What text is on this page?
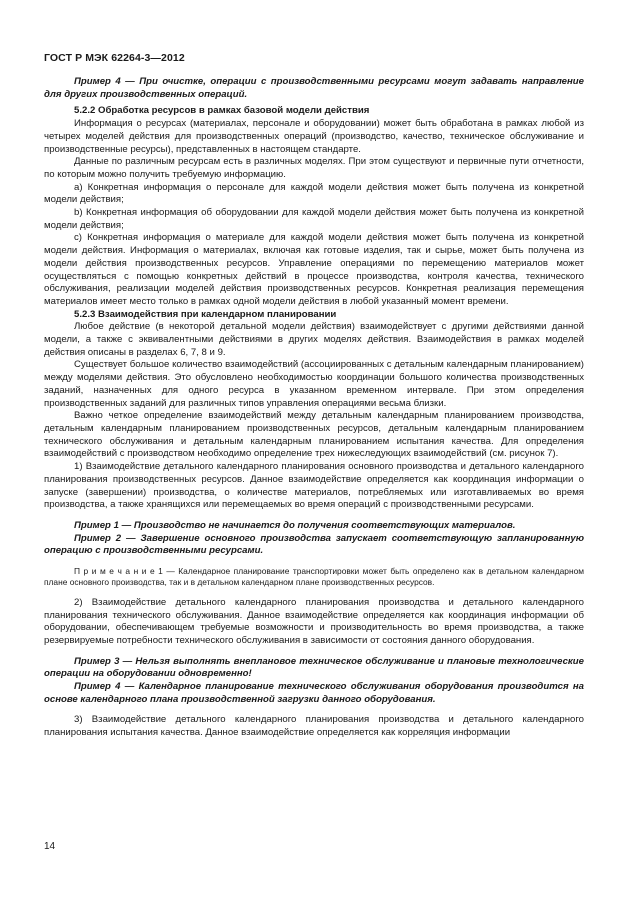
ГОСТ Р МЭК 62264-3—2012

Пример 4 — При очистке, операции с производственными ресурсами могут задавать направление для других производственных операций.

5.2.2 Обработка ресурсов в рамках базовой модели действия

Информация о ресурсах (материалах, персонале и оборудовании) может быть обработана в рамках любой из четырех моделей действия для производственных операций (производство, качество, техническое обслуживание и производственные ресурсы), представленных в настоящем стандарте.

Данные по различным ресурсам есть в различных моделях. При этом существуют и первичные пути отчетности, по которым можно получить требуемую информацию.

a) Конкретная информация о персонале для каждой модели действия может быть получена из конкретной модели действия;

b) Конкретная информация об оборудовании для каждой модели действия может быть получена из конкретной модели действия;

c) Конкретная информация о материале для каждой модели действия может быть получена из конкретной модели действия. Информация о материалах, включая как готовые изделия, так и сырье, может быть получена из модели действия производственных ресурсов. Управление операциями по перемещению материалов может осуществляться с помощью конкретных действий в процессе производства, контроля качества, технического обслуживания, реализации моделей действия производственных ресурсов. Конкретная реализация перемещения материалов имеет место только в рамках одной модели действия в любой указанный момент времени.

5.2.3 Взаимодействия при календарном планировании

Любое действие (в некоторой детальной модели действия) взаимодействует с другими действиями данной модели, а также с эквивалентными действиями в других моделях действия. Взаимодействия в рамках моделей действия описаны в разделах 6, 7, 8 и 9.

Существует большое количество взаимодействий (ассоциированных с детальным календарным планированием) между моделями действия. Это обусловлено необходимостью координации большого количества производственных заданий, назначенных для одного ресурса в указанном временном интервале. При этом определения производственных заданий для различных типов управления операциями весьма близки.

Важно четкое определение взаимодействий между детальным календарным планированием производства, детальным календарным планированием производственных ресурсов, детальным календарным планированием технического обслуживания и детальным календарным планированием испытания качества. Для определения взаимодействий с производством необходимо определение трех нижеследующих взаимодействий (см. рисунок 7).

1) Взаимодействие детального календарного планирования основного производства и детального календарного планирования производственных ресурсов. Данное взаимодействие определяется как координация информации о запуске (завершении) производства, о количестве материалов, потребляемых или изготавливаемых во время производства, а также хранящихся или перемещаемых во время операций с производственными ресурсами.

Пример 1 — Производство не начинается до получения соответствующих материалов.

Пример 2 — Завершение основного производства запускает соответствующую запланированную операцию с производственными ресурсами.

П р и м е ч а н и е 1 — Календарное планирование транспортировки может быть определено как в детальном календарном плане основного производства, так и в детальном календарном плане производственных ресурсов.

2) Взаимодействие детального календарного планирования производства и детального календарного планирования технического обслуживания. Данное взаимодействие определяется как координация информации об оборудовании, обеспечивающем требуемые возможности и производительность во время производства, а также резервируемые потребности технического обслуживания в зависимости от состояния данного оборудования.

Пример 3 — Нельзя выполнять внеплановое техническое обслуживание и плановые технологические операции на оборудовании одновременно!

Пример 4 — Календарное планирование технического обслуживания оборудования производится на основе календарного плана производственной загрузки данного оборудования.

3) Взаимодействие детального календарного планирования производства и детального календарного планирования испытания качества. Данное взаимодействие определяется как корреляция информации

14
